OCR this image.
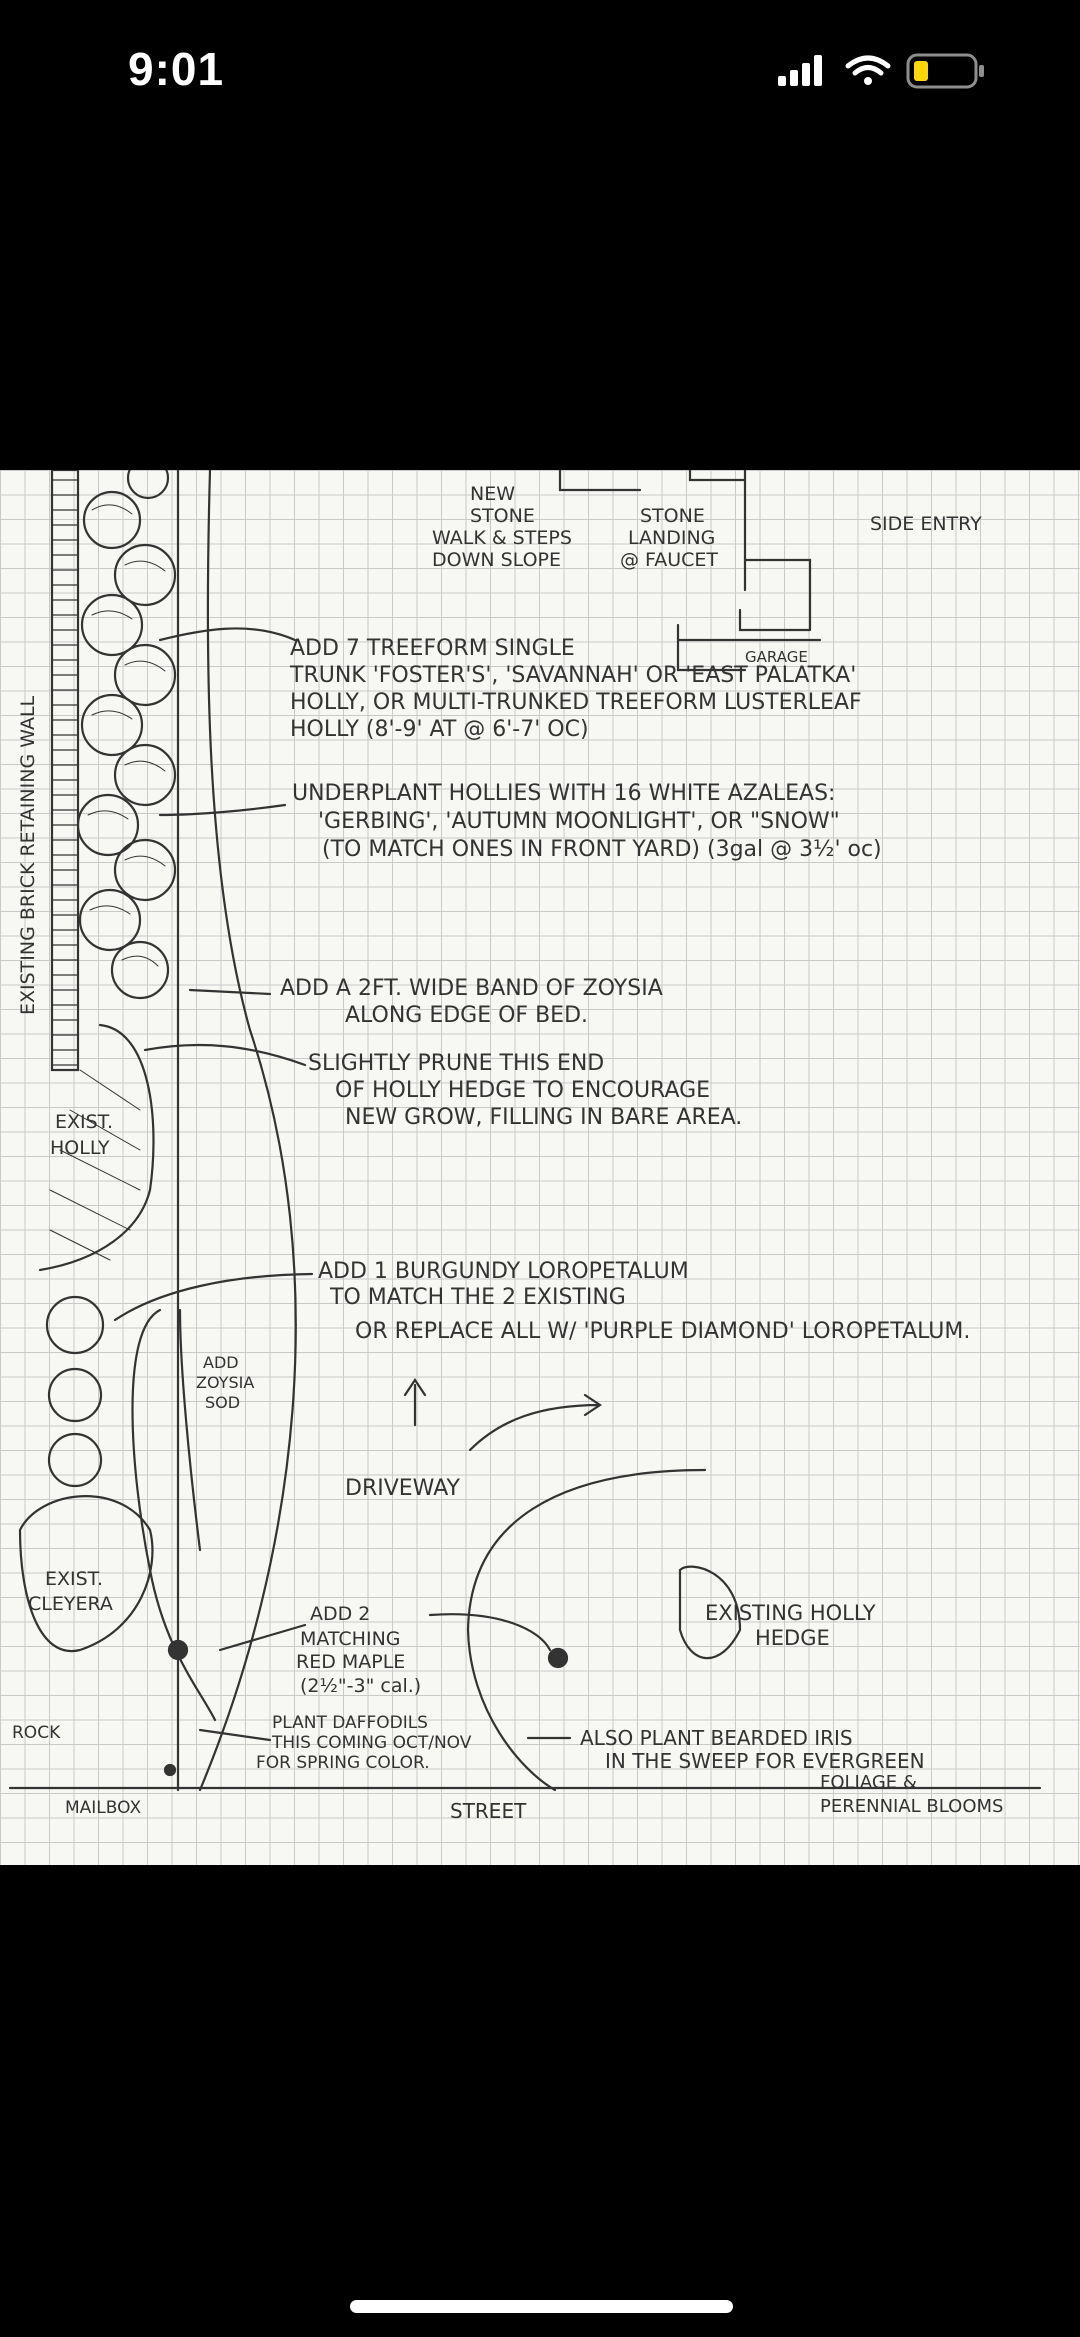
9:01
NEW
STONE
WALK & STEPS
DOWN SLOPE
STONE
LANDING
@ FAUCET
SIDE ENTRY
GARAGE
ADD 7 TREEFORM SINGLE
TRUNK 'FOSTER'S', 'SAVANNAH' OR 'EAST PALATKA'
HOLLY, OR MULTI-TRUNKED TREEFORM LUSTERLEAF
HOLLY (8'-9' AT @ 6'-7' OC)
UNDERPLANT HOLLIES WITH 16 WHITE AZALEAS:
'GERBING', 'AUTUMN MOONLIGHT', OR "SNOW"
(TO MATCH ONES IN FRONT YARD) (3gal @ 3½' oc)
ADD A 2FT. WIDE BAND OF ZOYSIA
ALONG EDGE OF BED.
SLIGHTLY PRUNE THIS END
OF HOLLY HEDGE TO ENCOURAGE
NEW GROW, FILLING IN BARE AREA.
EXIST.
HOLLY
ADD 1 BURGUNDY LOROPETALUM
TO MATCH THE 2 EXISTING
OR REPLACE ALL W/ 'PURPLE DIAMOND' LOROPETALUM.
ADD
ZOYSIA
SOD
DRIVEWAY
EXIST.
CLEYERA	EXISTING HOLLY
HEDGE
ADD 2
MATCHING
RED MAPLE
(2½"-3" cal.)
PLANT DAFFODILS
THIS COMING OCT/NOV
FOR SPRING COLOR.
ALSO PLANT BEARDED IRIS
IN THE SWEEP FOR EVERGREEN
FOLIAGE &
PERENNIAL BLOOMS
ROCK
MAILBOX	STREET
EXISTING BRICK RETAINING WALL
